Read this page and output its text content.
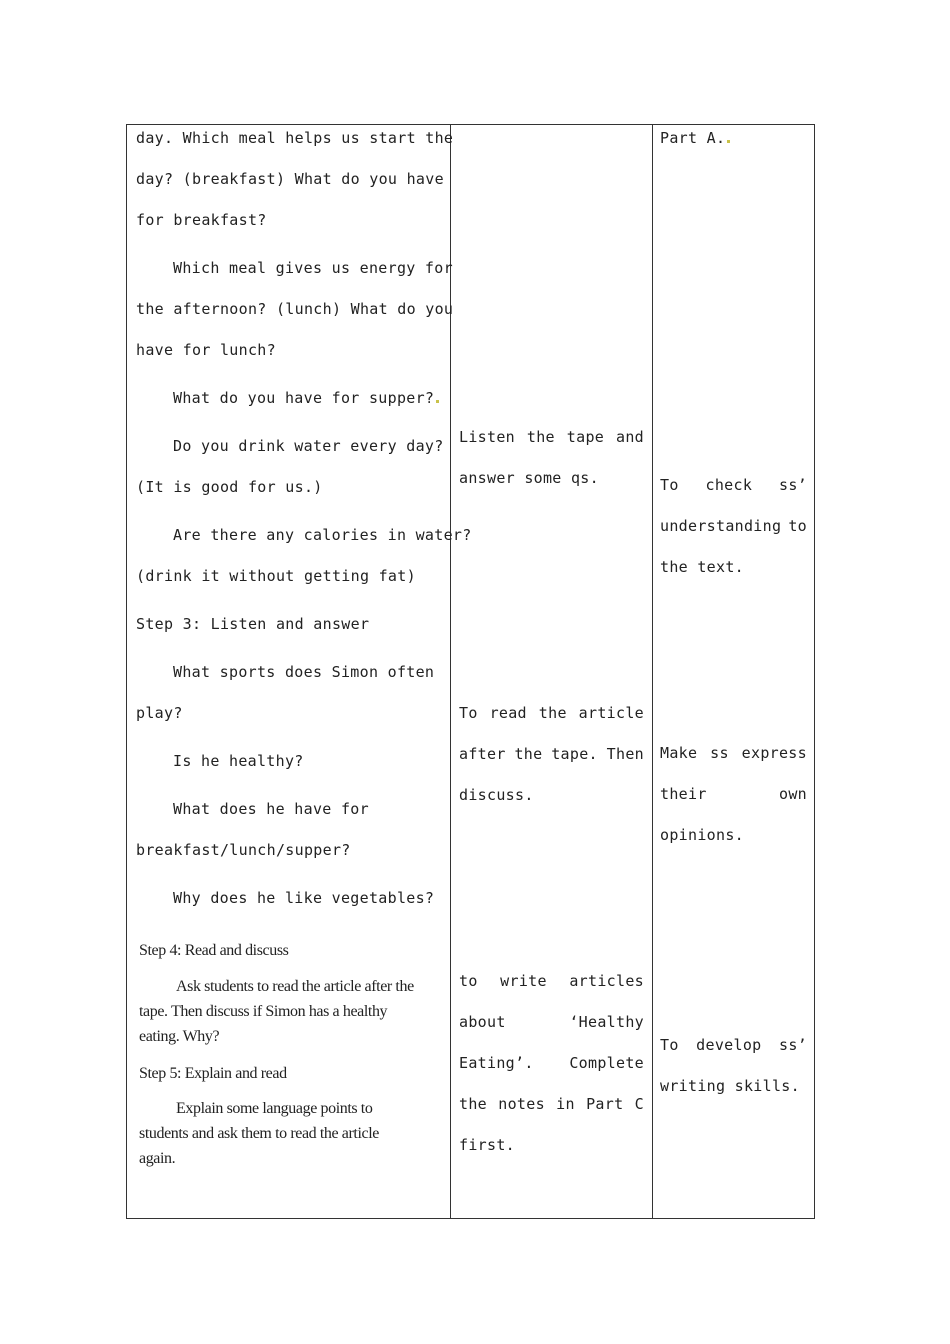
day. Which meal helps us start the
day? (breakfast) What do you have
for breakfast?
Which meal gives us energy for
the afternoon? (lunch) What do you
have for lunch?
What do you have for supper?
Do you drink water every day?
(It is good for us.)
Are there any calories in water?
(drink it without getting fat)
Step 3: Listen and answer
What sports does Simon often
play?
Is he healthy?
What does he have for
breakfast/lunch/supper?
Why does he like vegetables?
Step 4: Read and discuss
Ask students to read the article after the
tape. Then discuss if Simon has a healthy
eating. Why?
Step 5: Explain and read
Explain some language points to
students and ask them to read the article
again.
Listen the tape and
answer some qs.
To read the article
after the tape. Then
discuss.
to write articles
about	‘Healthy
Eating’. Complete
the notes in Part C
first.
Part A.
To check ss’
understanding to
the text.
Make ss express
their	own
opinions.
To develop ss’
writing skills.
